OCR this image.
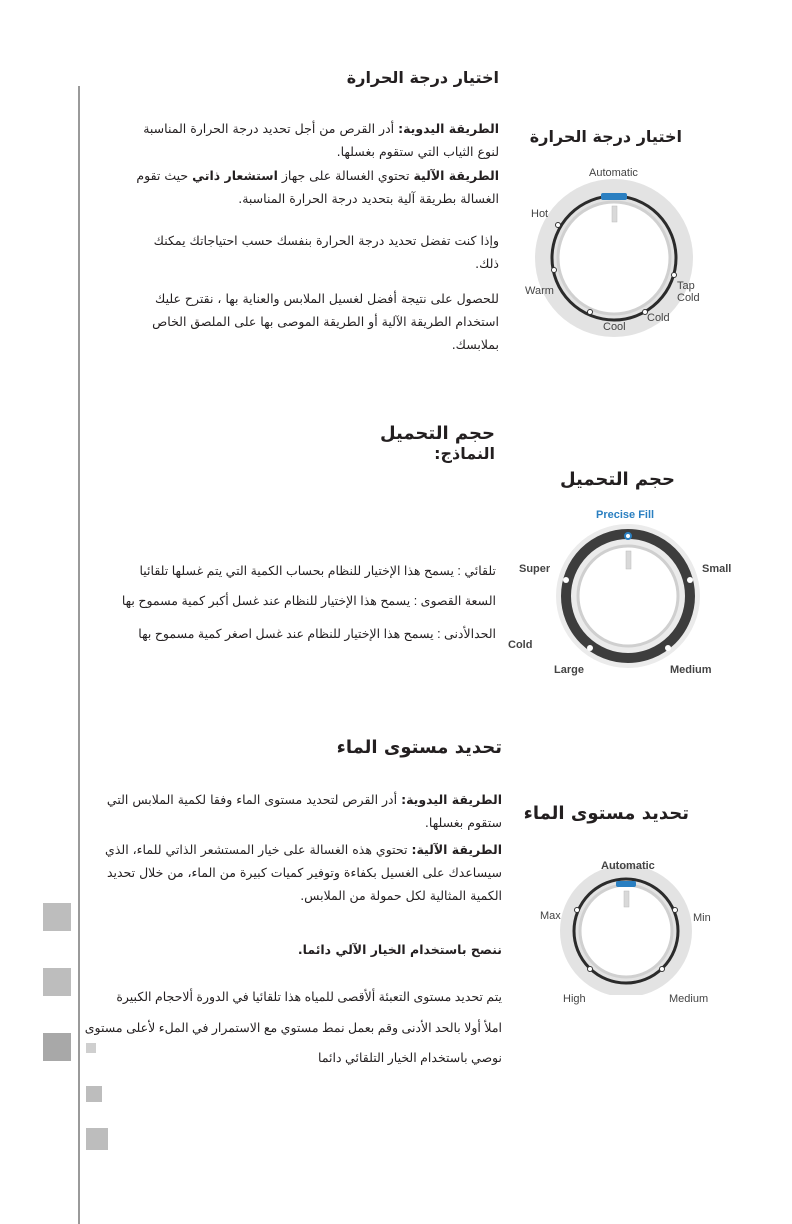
اختيار درجة الحرارة
الطريقة اليدوية: أدر القرص من أجل تحديد درجة الحرارة المناسبة لنوع الثياب التي ستقوم بغسلها.
الطريقة الآلية تحتوي الغسالة على جهاز استشعار ذاتي حيث تقوم الغسالة بطريقة آلية بتحديد درجة الحرارة المناسبة.
وإذا كنت تفضل تحديد درجة الحرارة بنفسك حسب احتياجاتك يمكنك ذلك.
للحصول على نتيجة أفضل لغسيل الملابس والعناية بها ، نقترح عليك استخدام الطريقة الآلية أو الطريقة الموصى بها على الملصق الخاص بملابسك.
اختيار درجة الحرارة
Automatic
Hot
Warm
Cool
Cold
Tap
Cold
حجم التحميل
النماذج:
تلقائي : يسمح هذا الإختيار للنظام بحساب الكمية التي يتم غسلها تلقائيا
السعة القصوى : يسمح هذا الإختيار للنظام عند غسل أكبر كمية مسموح بها
الحدالأدنى : يسمح هذا الإختيار للنظام عند غسل اصغر كمية مسموح بها
حجم التحميل
Precise Fill
Super	Small
Large	Medium
Cold
تحديد مستوى الماء
الطريقة اليدوية: أدر القرص لتحديد مستوى الماء وفقا لكمية الملابس التي ستقوم بغسلها.
الطريقة الآلية: تحتوي هذه الغسالة على خيار المستشعر الذاتي للماء، الذي سيساعدك على الغسيل بكفاءة وتوفير كميات كبيرة من الماء، من خلال تحديد الكمية المثالية لكل حمولة من الملابس.
ننصح باستخدام الخيار الآلي دائما.
يتم تحديد مستوى التعبئة ألأقصى للمياه هذا تلقائيا في الدورة ألاحجام الكبيرة
املأ أولا بالحد الأدنى وقم بعمل نمط مستوي مع الاستمرار في الملء لأعلى مستوى
نوصي باستخدام الخيار التلقائي دائما
تحديد مستوى الماء
Automatic
Max	Min
High	Medium
